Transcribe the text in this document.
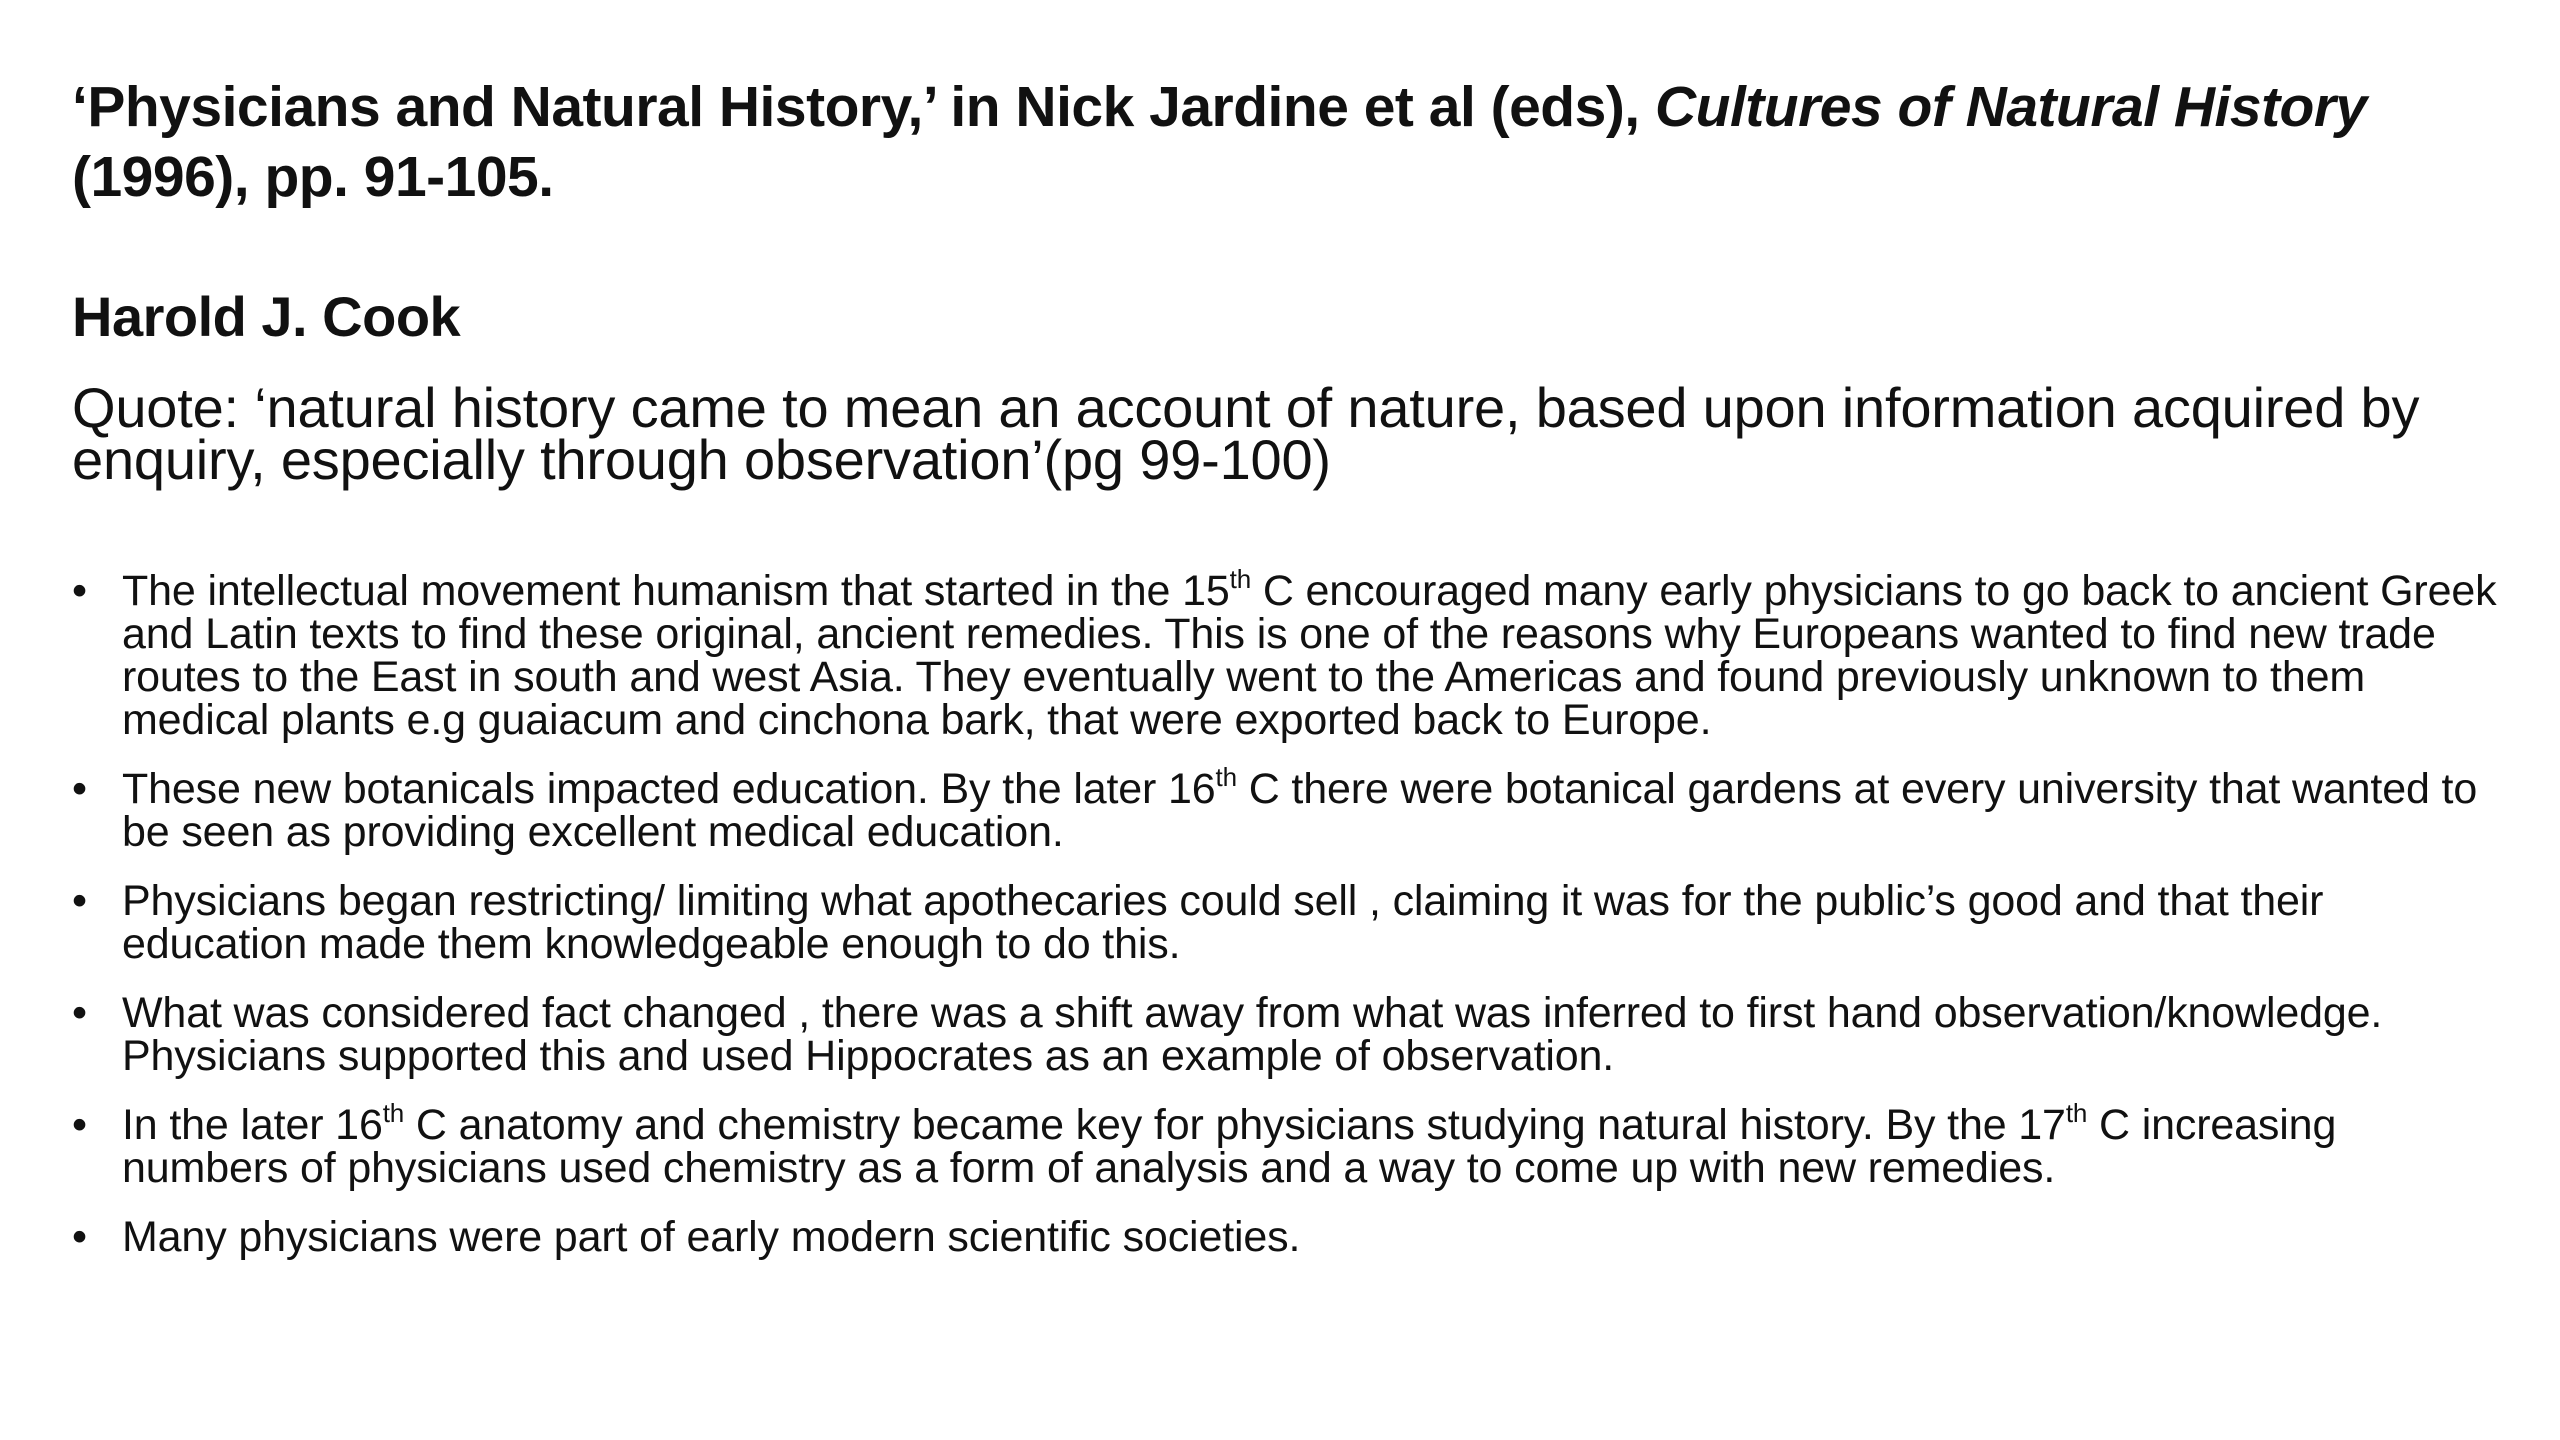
‘Physicians and Natural History,’ in Nick Jardine et al (eds), Cultures of Natural History (1996), pp. 91-105.
Harold J. Cook

Quote: ‘natural history came to mean an account of nature, based upon information acquired by enquiry, especially through observation’(pg 99-100)

• The intellectual movement humanism that started in the 15th C encouraged many early physicians to go back to ancient Greek and Latin texts to find these original, ancient remedies. This is one of the reasons why Europeans wanted to find new trade routes to the East in south and west Asia. They eventually went to the Americas and found previously unknown to them medical plants e.g guaiacum and cinchona bark, that were exported back to Europe.
• These new botanicals impacted education. By the later 16th C there were botanical gardens at every university that wanted to be seen as providing excellent medical education.
• Physicians began restricting/ limiting what apothecaries could sell , claiming it was for the public’s good and that their education made them knowledgeable enough to do this.
• What was considered fact changed , there was a shift away from what was inferred to first hand observation/knowledge. Physicians supported this and used Hippocrates as an example of observation.
• In the later 16th C anatomy and chemistry became key for physicians studying natural history. By the 17th C increasing numbers of physicians used chemistry as a form of analysis and a way to come up with new remedies.
• Many physicians were part of early modern scientific societies.
